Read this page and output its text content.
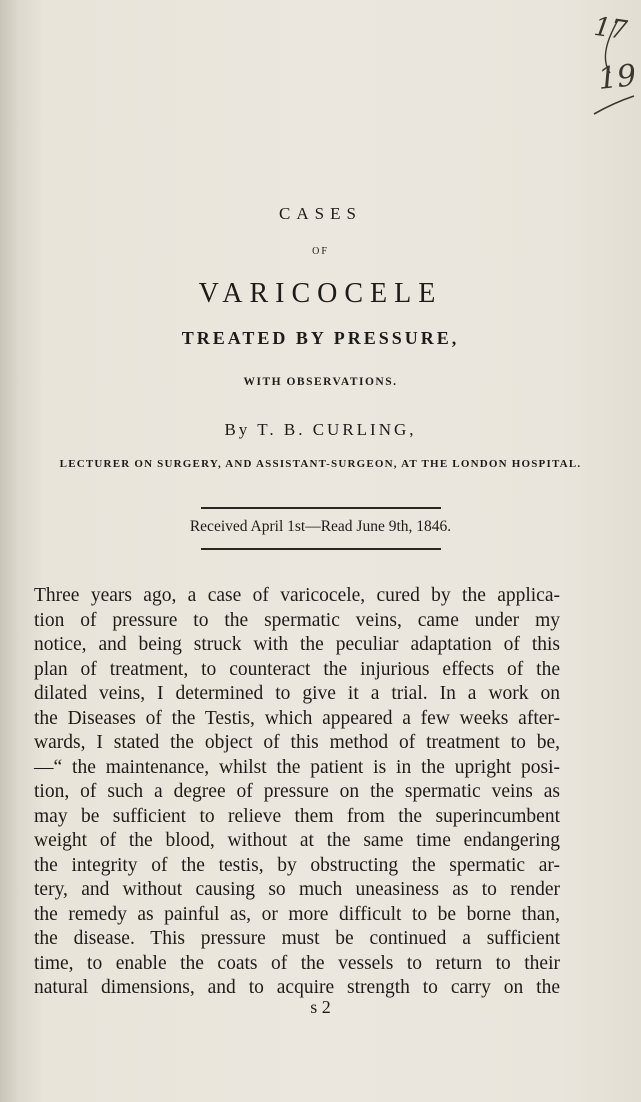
17
19
CASES
OF
VARICOCELE
TREATED BY PRESSURE,
WITH OBSERVATIONS.
By T. B. CURLING,
LECTURER ON SURGERY, AND ASSISTANT-SURGEON, AT THE LONDON HOSPITAL.
Received April 1st—Read June 9th, 1846.
Three years ago, a case of varicocele, cured by the applica-
tion of pressure to the spermatic veins, came under my
notice, and being struck with the peculiar adaptation of this
plan of treatment, to counteract the injurious effects of the
dilated veins, I determined to give it a trial. In a work on
the Diseases of the Testis, which appeared a few weeks after-
wards, I stated the object of this method of treatment to be,
—“ the maintenance, whilst the patient is in the upright posi-
tion, of such a degree of pressure on the spermatic veins as
may be sufficient to relieve them from the superincumbent
weight of the blood, without at the same time endangering
the integrity of the testis, by obstructing the spermatic ar-
tery, and without causing so much uneasiness as to render
the remedy as painful as, or more difficult to be borne than,
the disease. This pressure must be continued a sufficient
time, to enable the coats of the vessels to return to their
natural dimensions, and to acquire strength to carry on the
s 2
